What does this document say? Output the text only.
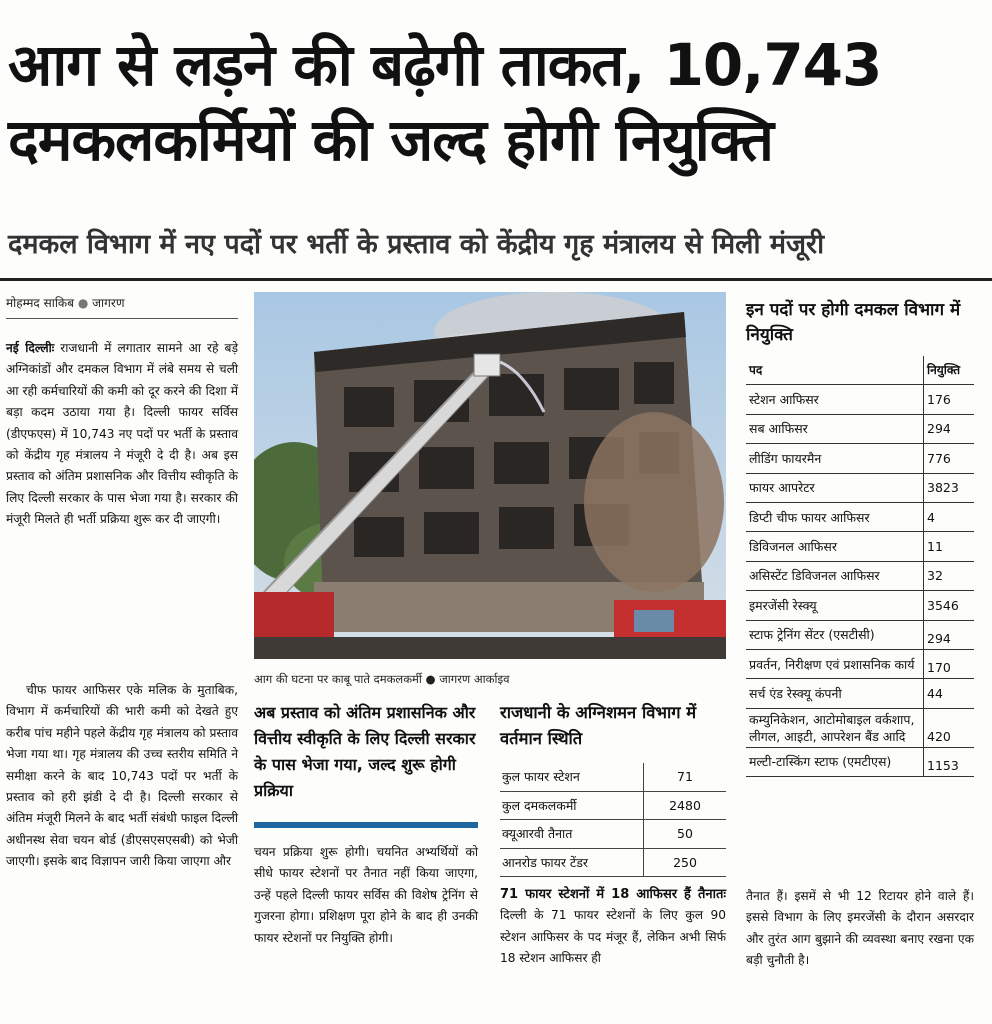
आग से लड़ने की बढ़ेगी ताकत, 10,743
दमकलकर्मियों की जल्द होगी नियुक्ति
दमकल विभाग में नए पदों पर भर्ती के प्रस्ताव को केंद्रीय गृह मंत्रालय से मिली मंजूरी
मोहम्मद साकिब ● जागरण
नई दिल्लीः राजधानी में लगातार सामने आ रहे बड़े अग्निकांडों और दमकल विभाग में लंबे समय से चली आ रही कर्मचारियों की कमी को दूर करने की दिशा में बड़ा कदम उठाया गया है। दिल्ली फायर सर्विस (डीएफएस) में 10,743 नए पदों पर भर्ती के प्रस्ताव को केंद्रीय गृह मंत्रालय ने मंजूरी दे दी है। अब इस प्रस्ताव को अंतिम प्रशासनिक और वित्तीय स्वीकृति के लिए दिल्ली सरकार के पास भेजा गया है। सरकार की मंजूरी मिलते ही भर्ती प्रक्रिया शुरू कर दी जाएगी।
चीफ फायर आफिसर एके मलिक के मुताबिक, विभाग में कर्मचारियों की भारी कमी को देखते हुए करीब पांच महीने पहले केंद्रीय गृह मंत्रालय को प्रस्ताव भेजा गया था। गृह मंत्रालय की उच्च स्तरीय समिति ने समीक्षा करने के बाद 10,743 पदों पर भर्ती के प्रस्ताव को हरी झंडी दे दी है। दिल्ली सरकार से अंतिम मंजूरी मिलने के बाद भर्ती संबंधी फाइल दिल्ली अधीनस्थ सेवा चयन बोर्ड (डीएसएसएसबी) को भेजी जाएगी। इसके बाद विज्ञापन जारी किया जाएगा और
आग की घटना पर काबू पाते दमकलकर्मी ● जागरण आर्काइव
अब प्रस्ताव को अंतिम प्रशासनिक और वित्तीय स्वीकृति के लिए दिल्ली सरकार के पास भेजा गया, जल्द शुरू होगी प्रक्रिया
चयन प्रक्रिया शुरू होगी। चयनित अभ्यर्थियों को सीधे फायर स्टेशनों पर तैनात नहीं किया जाएगा, उन्हें पहले दिल्ली फायर सर्विस की विशेष ट्रेनिंग से गुजरना होगा। प्रशिक्षण पूरा होने के बाद ही उनकी फायर स्टेशनों पर नियुक्ति होगी।
राजधानी के अग्निशमन विभाग में वर्तमान स्थिति
कुल फायर स्टेशन	71
कुल दमकलकर्मी	2480
क्यूआरवी तैनात	50
आनरोड फायर टेंडर	250
71 फायर स्टेशनों में 18 आफिसर हैं तैनातः दिल्ली के 71 फायर स्टेशनों के लिए कुल 90 स्टेशन आफिसर के पद मंजूर हैं, लेकिन अभी सिर्फ 18 स्टेशन आफिसर ही
इन पदों पर होगी दमकल विभाग में नियुक्ति
पद	नियुक्ति
स्टेशन आफिसर	176
सब आफिसर	294
लीडिंग फायरमैन	776
फायर आपरेटर	3823
डिप्टी चीफ फायर आफिसर	4
डिविजनल आफिसर	11
असिस्टेंट डिविजनल आफिसर	32
इमरजेंसी रेस्क्यू	3546
स्टाफ ट्रेनिंग सेंटर (एसटीसी)	294
प्रवर्तन, निरीक्षण एवं प्रशासनिक कार्य	170
सर्च एंड रेस्क्यू कंपनी	44
कम्युनिकेशन, आटोमोबाइल वर्कशाप, लीगल, आइटी, आपरेशन बैंड आदि	420
मल्टी-टास्किंग स्टाफ (एमटीएस)	1153
तैनात हैं। इसमें से भी 12 रिटायर होने वाले हैं। इससे विभाग के लिए इमरजेंसी के दौरान असरदार और तुरंत आग बुझाने की व्यवस्था बनाए रखना एक बड़ी चुनौती है।
